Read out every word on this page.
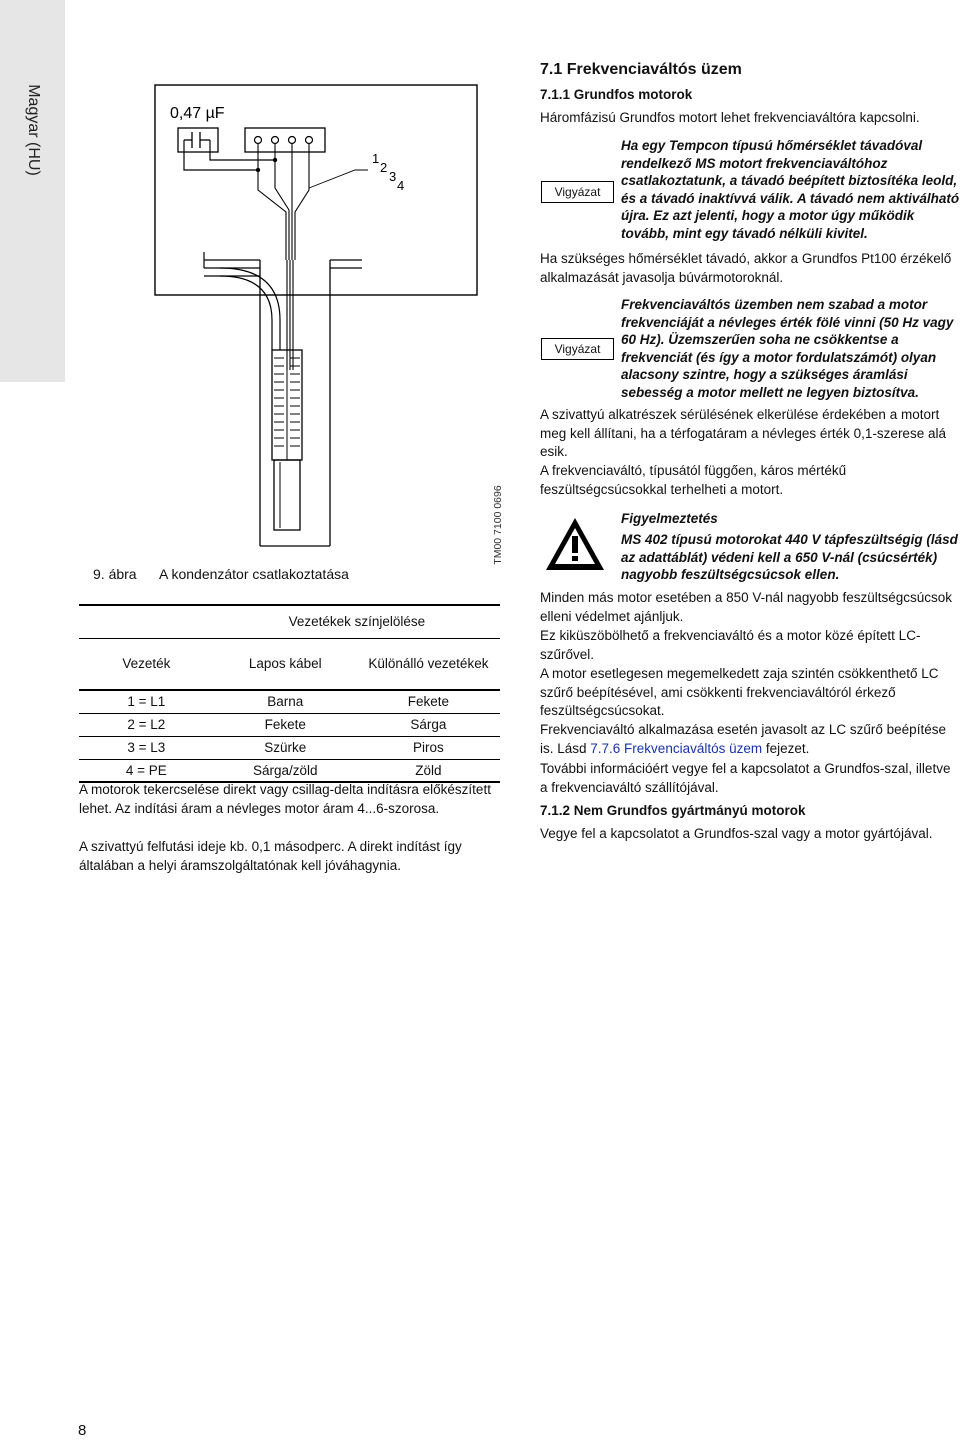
Magyar (HU)	0,47 µF
1
2
3
4
TM00 7100 0696
9. ábra A kondenzátor csatlakoztatása
	Vezetékek színjelölése	
Vezeték	Lapos kábel	Különálló vezetékek
1 = L1	Barna	Fekete
2 = L2	Fekete	Sárga
3 = L3	Szürke	Piros
4 = PE	Sárga/zöld	Zöld

A motorok tekercselése direkt vagy csillag-delta indításra előkészített lehet. Az indítási áram a névleges motor áram 4...6-szorosa.

A szivattyú felfutási ideje kb. 0,1 másodperc. A direkt indítást így általában a helyi áramszolgáltatónak kell jóváhagynia.

7.1 Frekvenciaváltós üzem
7.1.1 Grundfos motorok

Háromfázisú Grundfos motort lehet frekvenciaváltóra kapcsolni.

Vigyázat

Ha egy Tempcon típusú hőmérséklet távadóval rendelkező MS motort frekvenciaváltóhoz csatlakoztatunk, a távadó beépített biztosítéka leold, és a távadó inaktívvá válik. A távadó nem aktiválható újra. Ez azt jelenti, hogy a motor úgy működik tovább, mint egy távadó nélküli kivitel.

Ha szükséges hőmérséklet távadó, akkor a Grundfos Pt100 érzékelő alkalmazását javasolja búvármotoroknál.

Vigyázat

Frekvenciaváltós üzemben nem szabad a motor frekvenciáját a névleges érték fölé vinni (50 Hz vagy 60 Hz). Üzemszerűen soha ne csökkentse a frekvenciát (és így a motor fordulatszámót) olyan alacsony szintre, hogy a szükséges áramlási sebesség a motor mellett ne legyen biztosítva.

A szivattyú alkatrészek sérülésének elkerülése érdekében a motort meg kell állítani, ha a térfogatáram a névleges érték 0,1-szerese alá esik.

A frekvenciaváltó, típusától függően, káros mértékű feszültségcsúcsokkal terhelheti a motort.

Figyelmeztetés

MS 402 típusú motorokat 440 V tápfeszültségig (lásd az adattáblát) védeni kell a 650 V-nál (csúcsérték) nagyobb feszültségcsúcsok ellen.

Minden más motor esetében a 850 V-nál nagyobb feszültségcsúcsok elleni védelmet ajánljuk.

Ez kiküszöbölhető a frekvenciaváltó és a motor közé épített LC-szűrővel.

A motor esetlegesen megemelkedett zaja szintén csökkenthető LC szűrő beépítésével, ami csökkenti frekvenciaváltóról érkező feszültségcsúcsokat.

Frekvenciaváltó alkalmazása esetén javasolt az LC szűrő beépítése is. Lásd 7.7.6 Frekvenciaváltós üzem fejezet.

További információért vegye fel a kapcsolatot a Grundfos-szal, illetve a frekvenciaváltó szállítójával.

7.1.2 Nem Grundfos gyártmányú motorok

Vegye fel a kapcsolatot a Grundfos-szal vagy a motor gyártójával.

8
